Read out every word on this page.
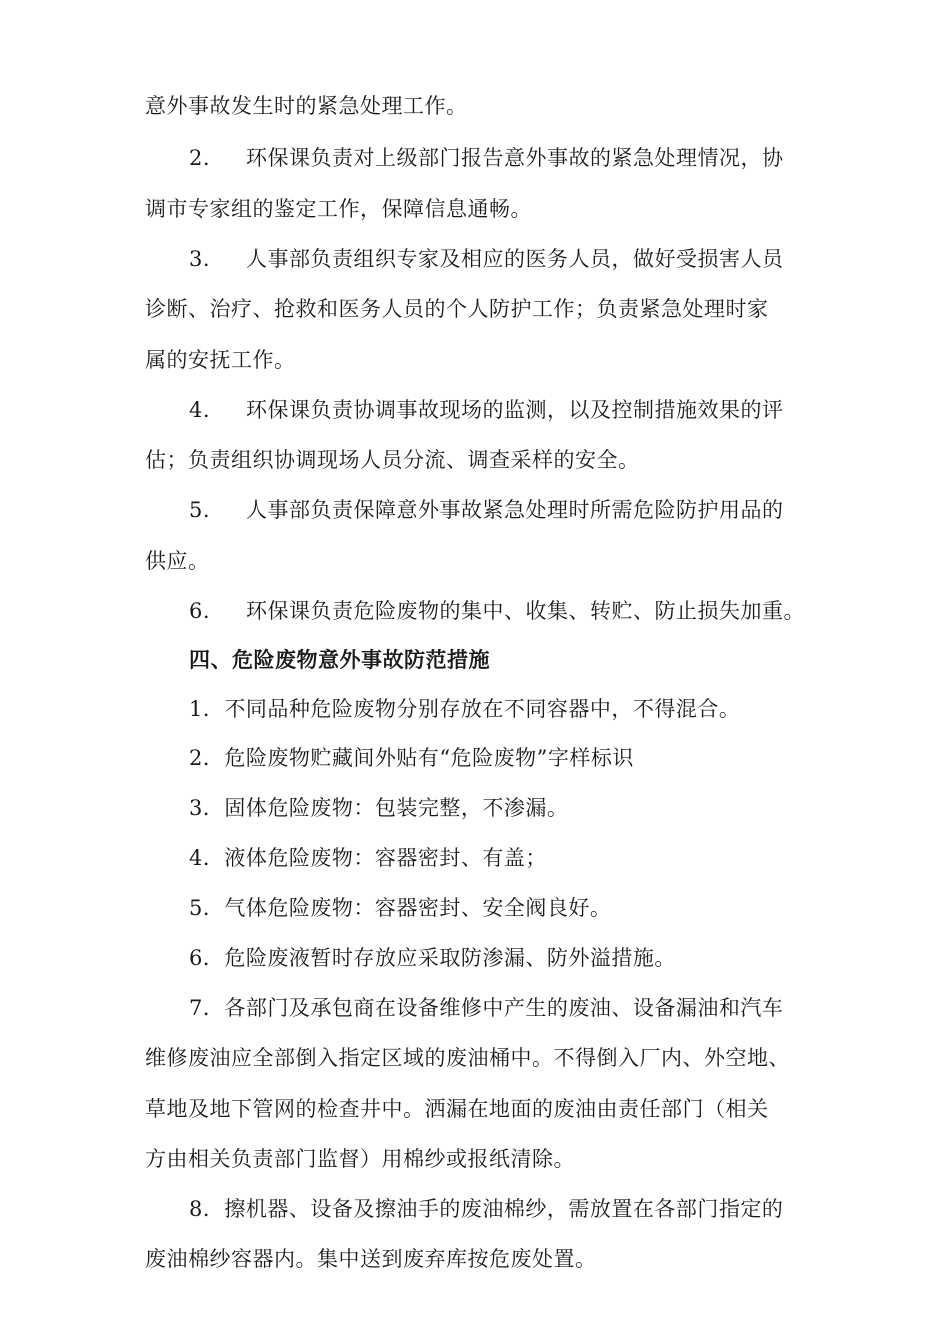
意外事故发生时的紧急处理工作。
2. 环保课负责对上级部门报告意外事故的紧急处理情况，协
调市专家组的鉴定工作，保障信息通畅。
3. 人事部负责组织专家及相应的医务人员，做好受损害人员
诊断、治疗、抢救和医务人员的个人防护工作；负责紧急处理时家
属的安抚工作。
4. 环保课负责协调事故现场的监测，以及控制措施效果的评
估；负责组织协调现场人员分流、调查采样的安全。
5. 人事部负责保障意外事故紧急处理时所需危险防护用品的
供应。
6. 环保课负责危险废物的集中、收集、转贮、防止损失加重。
四、危险废物意外事故防范措施
1．不同品种危险废物分别存放在不同容器中，不得混合。
2．危险废物贮藏间外贴有“危险废物”字样标识
3．固体危险废物：包装完整，不渗漏。
4．液体危险废物：容器密封、有盖；
5．气体危险废物：容器密封、安全阀良好。
6．危险废液暂时存放应采取防渗漏、防外溢措施。
7．各部门及承包商在设备维修中产生的废油、设备漏油和汽车
维修废油应全部倒入指定区域的废油桶中。不得倒入厂内、外空地、
草地及地下管网的检查井中。洒漏在地面的废油由责任部门（相关
方由相关负责部门监督）用棉纱或报纸清除。
8．擦机器、设备及擦油手的废油棉纱，需放置在各部门指定的
废油棉纱容器内。集中送到废弃库按危废处置。
